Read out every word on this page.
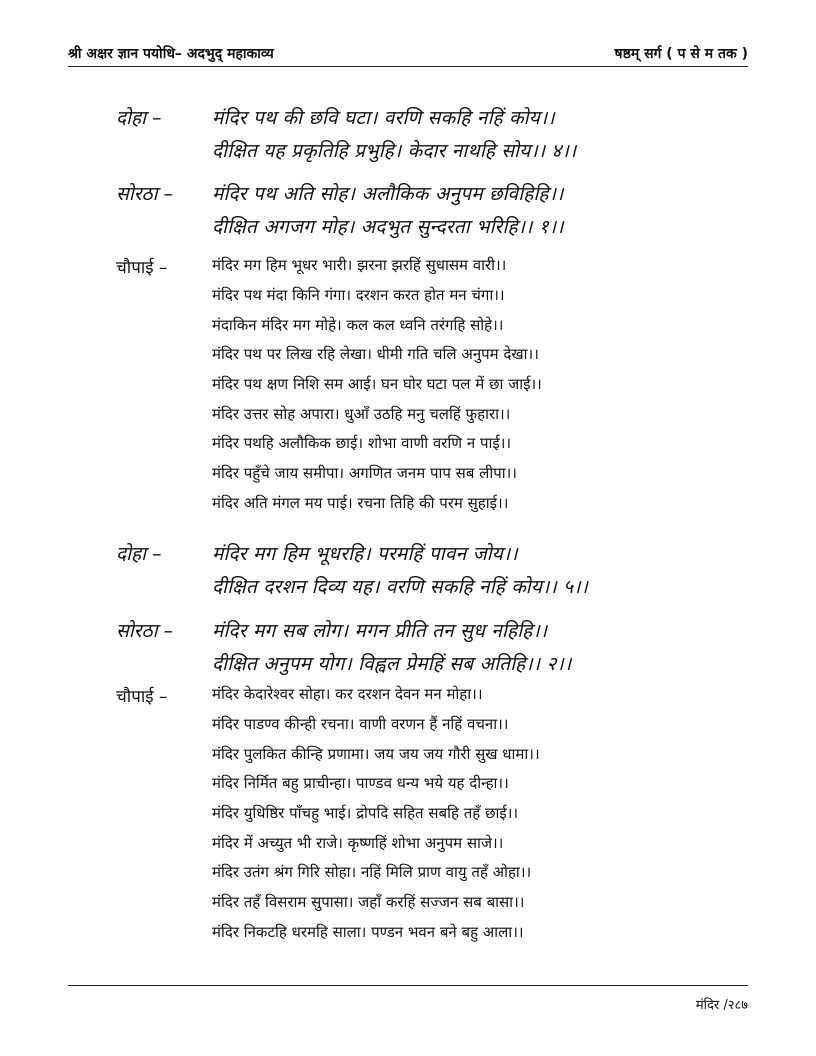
श्री अक्षर ज्ञान पयोधि– अदभुद् महाकाव्य	षष्ठम् सर्ग ( प से म तक )
दोहा –	मंदिर पथ की छवि घटा। वरणि सकहि नहिं कोय।।
दीक्षित यह प्रकृतिहि प्रभुहि। केदार नाथहि सोय।। ४।।
सोरठा – मंदिर पथ अति सोह। अलौकिक अनुपम छविहिहि।।
दीक्षित अगजग मोह। अदभुत सुन्दरता भरिहि।। १।।
चौपाई –	मंदिर मग हिम भूधर भारी। झरना झरहिं सुधासम वारी।।
मंदिर पथ मंदा किनि गंगा। दरशन करत होत मन चंगा।।
मंदाकिन मंदिर मग मोहे। कल कल ध्वनि तरंगहि सोहे।।
मंदिर पथ पर लिख रहि लेखा। धीमी गति चलि अनुपम देखा।।
मंदिर पथ क्षण निशि सम आई। घन घोर घटा पल में छा जाई।।
मंदिर उत्तर सोह अपारा। धुआँ उठहि मनु चलहिं फुहारा।।
मंदिर पथहि अलौकिक छाई। शोभा वाणी वरणि न पाई।।
मंदिर पहुँचे जाय समीपा। अगणित जनम पाप सब लीपा।।
मंदिर अति मंगल मय पाई। रचना तिहि की परम सुहाई।।
दोहा –	मंदिर मग हिम भूधरहि। परमहिं पावन जोय।।
दीक्षित दरशन दिव्य यह। वरणि सकहि नहिं कोय।। ५।।
सोरठा – मंदिर मग सब लोग। मगन प्रीति तन सुध नहिहि।।
दीक्षित अनुपम योग। विह्वल प्रेमहिं सब अतिहि।। २।।
चौपाई –	मंदिर केदारेश्वर सोहा। कर दरशन देवन मन मोहा।।
मंदिर पाडण्व कीन्ही रचना। वाणी वरणन हैं नहिं वचना।।
मंदिर पुलकित कीन्हि प्रणामा। जय जय जय गौरी सुख धामा।।
मंदिर निर्मित बहु प्राचीन्हा। पाण्डव धन्य भये यह दीन्हा।।
मंदिर युधिष्ठिर पाँचहु भाई। द्रोपदि सहित सबहि तहँ छाई।।
मंदिर में अच्युत भी राजे। कृष्णहिं शोभा अनुपम साजे।।
मंदिर उतंग श्रंग गिरि सोहा। नहिं मिलि प्राण वायु तहँ ओहा।।
मंदिर तहँ विसराम सुपासा। जहाँ करहिं सज्जन सब बासा।।
मंदिर निकटहि धरमहि साला। पण्डन भवन बने बहु आला।।
मंदिर /२८७
